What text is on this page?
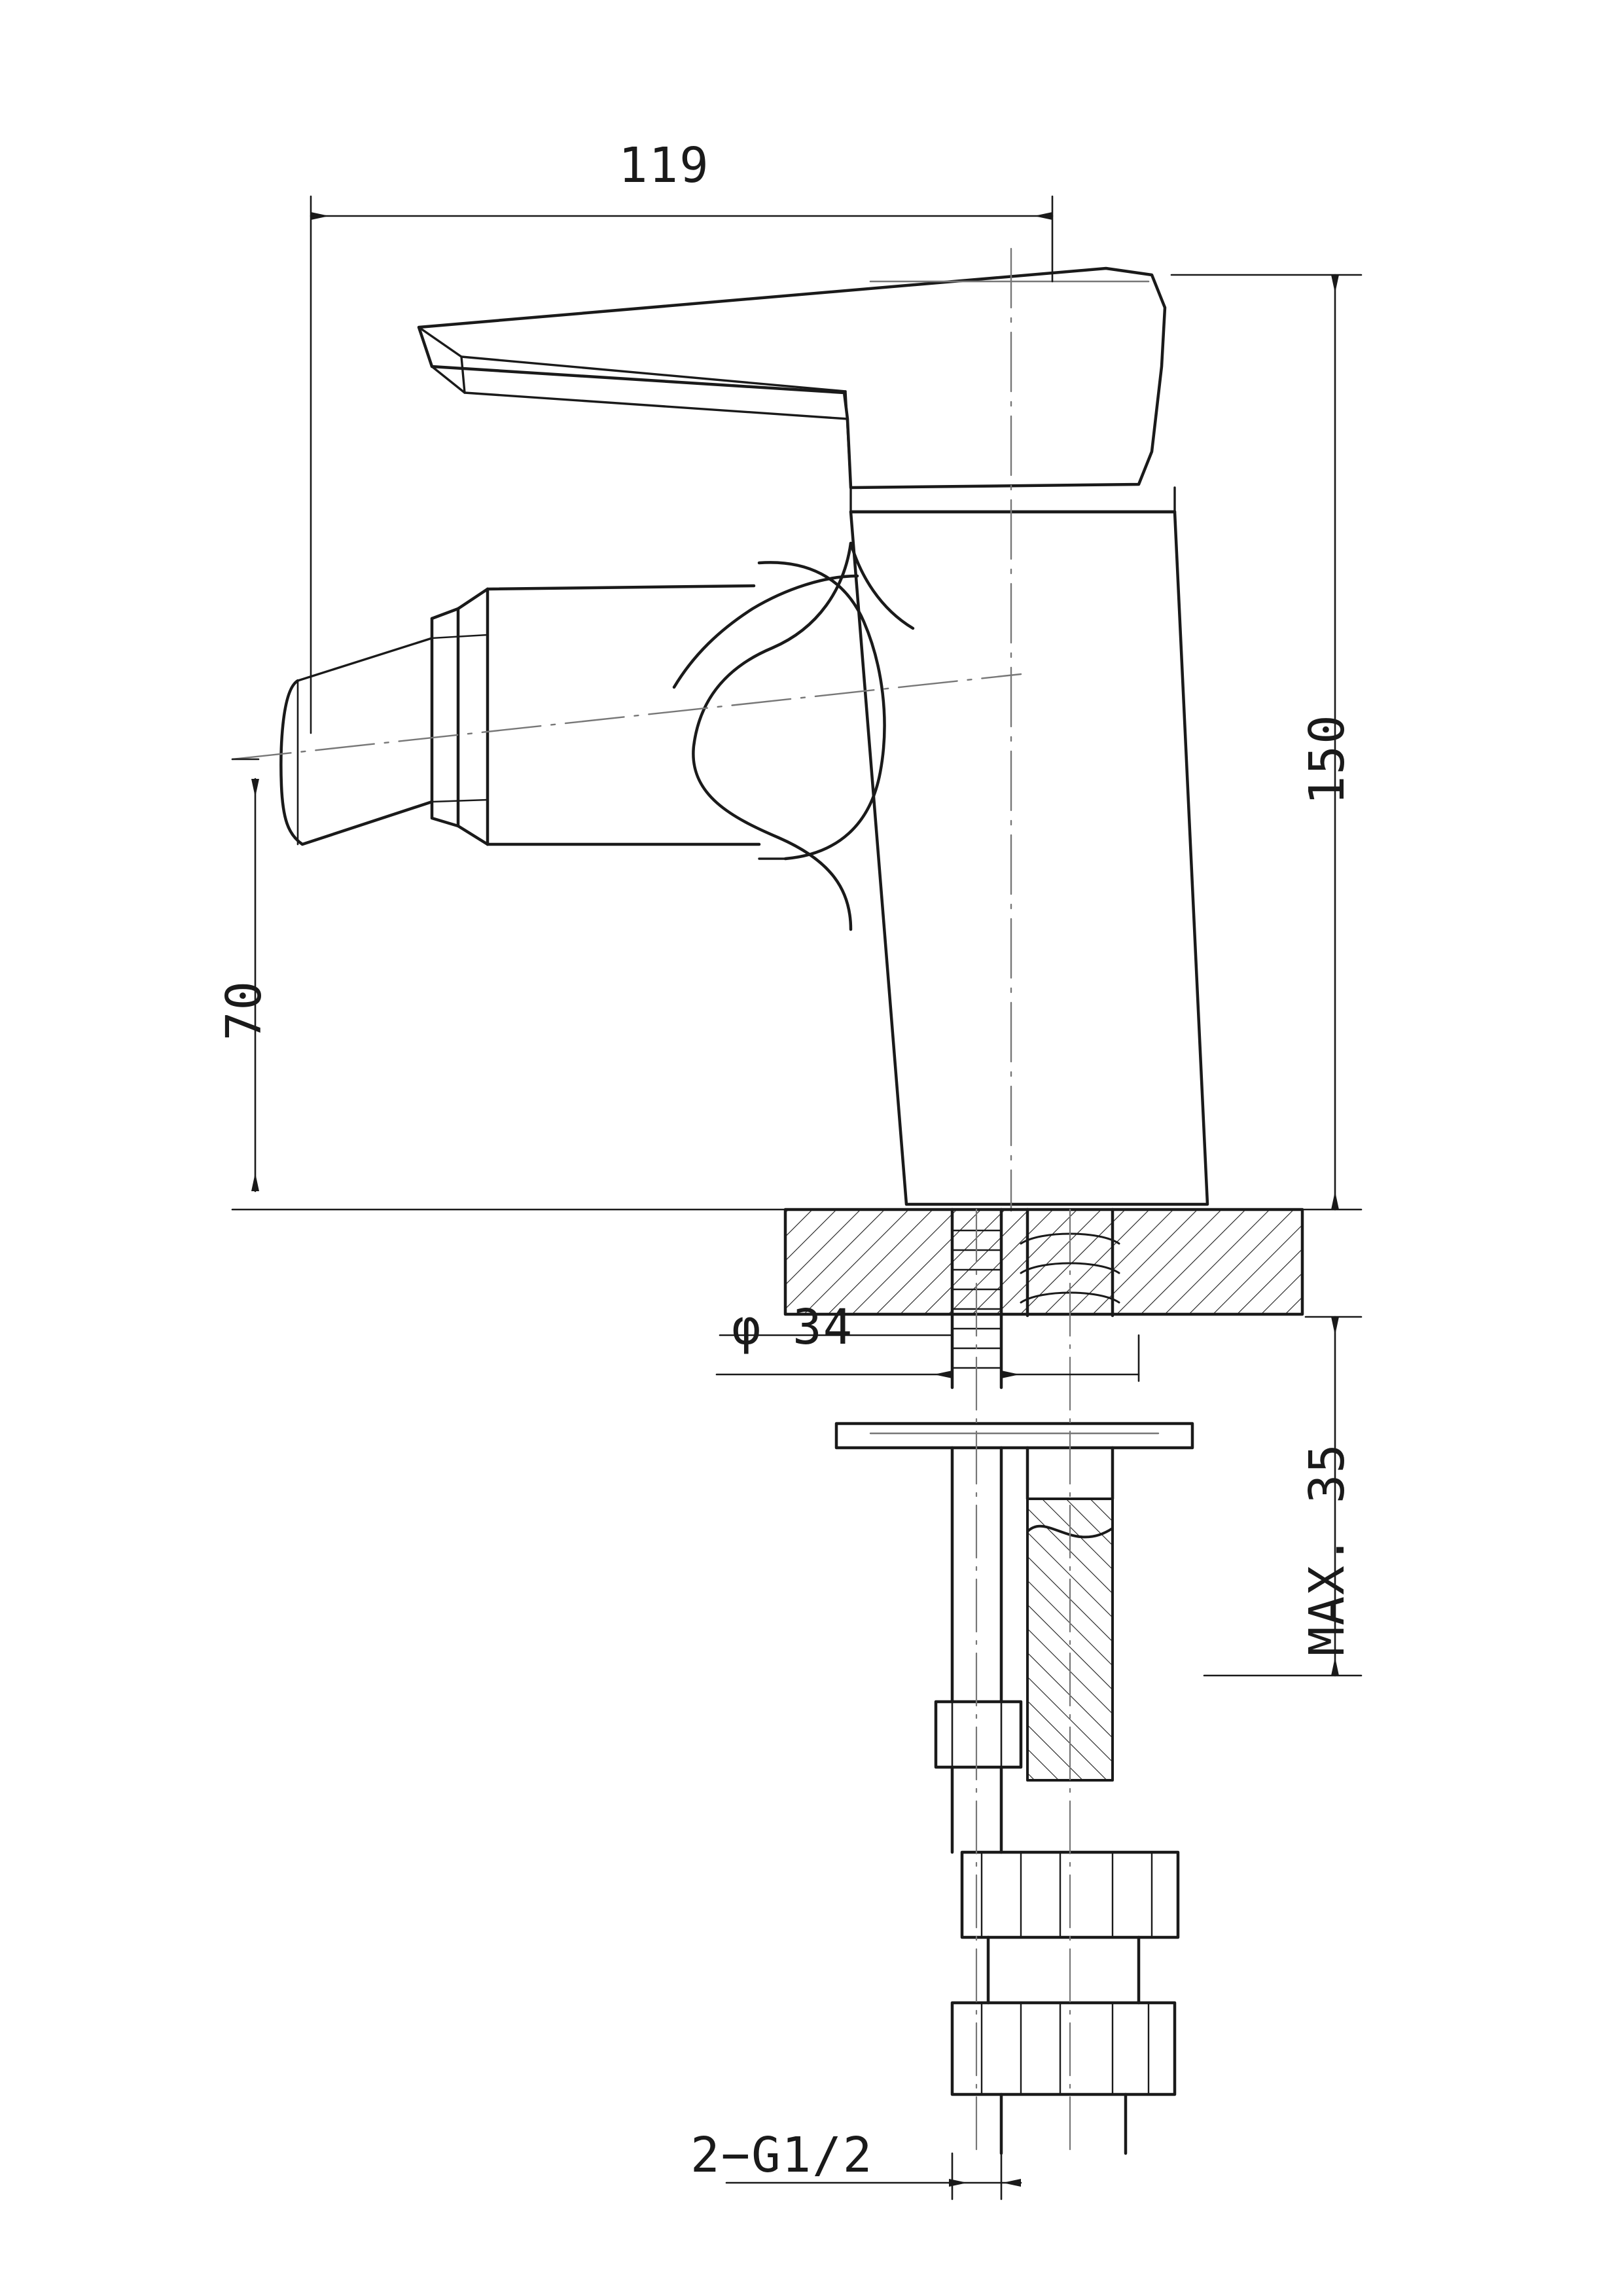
119
150
70
φ 34
MAX. 35
2−G1/2
